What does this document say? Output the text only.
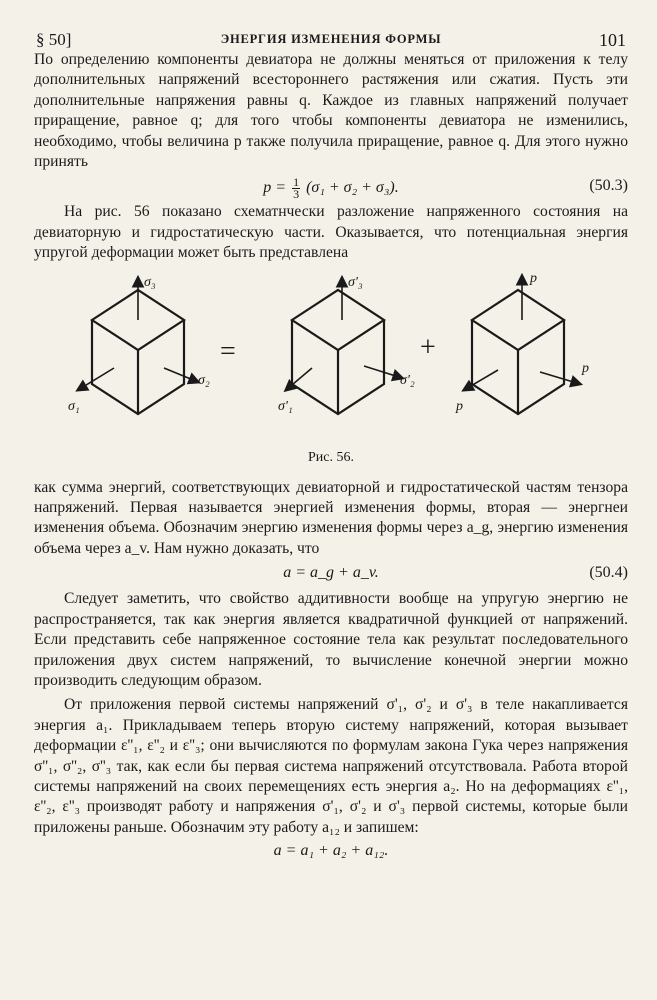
§ 50]	ЭНЕРГИЯ ИЗМЕНЕНИЯ ФОРМЫ	101

По определению компоненты девиатора не должны меняться от приложения к телу дополнительных напряжений всестороннего растяжения или сжатия. Пусть эти дополнительные напряжения равны q. Каждое из главных напряжений получает приращение, равное q; для того чтобы компоненты девиатора не изменились, необходимо, чтобы величина p также получила приращение, равное q. Для этого нужно принять

$p = \frac{1}{3} (\sigma_1 + \sigma_2 + \sigma_3)$.	(50.3)

На рис. 56 показано схематнчески разложение напряженного состояния на девиаторную и гидростатическую части. Оказывается, что потенциальная энергия упругой деформации может быть представлена

σ₃
σ₁
σ₂
σ'₃
σ'₁
σ'₂
p
p
p
=	+
Рис. 56.

как сумма энергий, соответствующих девиаторной и гидростатической частям тензора напряжений. Первая называется энергией изменения формы, вторая — энергнеи изменения объема. Обозначим энергию изменения формы через a_g, энергию изменения объема через a_v. Нам нужно доказать, что

a = a_g + a_v.	(50.4)

Следует заметить, что свойство аддитивности вообще на упругую энергию не распространяется, так как энергия является квадратичной функцией от напряжений. Если представить себе напряженное состояние тела как результат последовательного приложения двух систем напряжений, то вычисление конечной энергии можно производить следующим образом.

От приложения первой системы напряжений σ'₁, σ'₂ и σ'₃ в теле накапливается энергия a₁. Прикладываем теперь вторую систему напряжений, которая вызывает деформации ε''₁, ε''₂ и ε''₃; они вычисляются по формулам закона Гука через напряжения σ''₁, σ''₂, σ''₃ так, как если бы первая система напряжений отсутствовала. Работа второй системы напряжений на своих перемещениях есть энергия a₂. Но на деформациях ε''₁, ε''₂, ε''₃ производят работу и напряжения σ'₁, σ'₂ и σ'₃ первой системы, которые были приложены раньше. Обозначим эту работу a₁₂ и запишем:

a = a₁ + a₂ + a₁₂.
